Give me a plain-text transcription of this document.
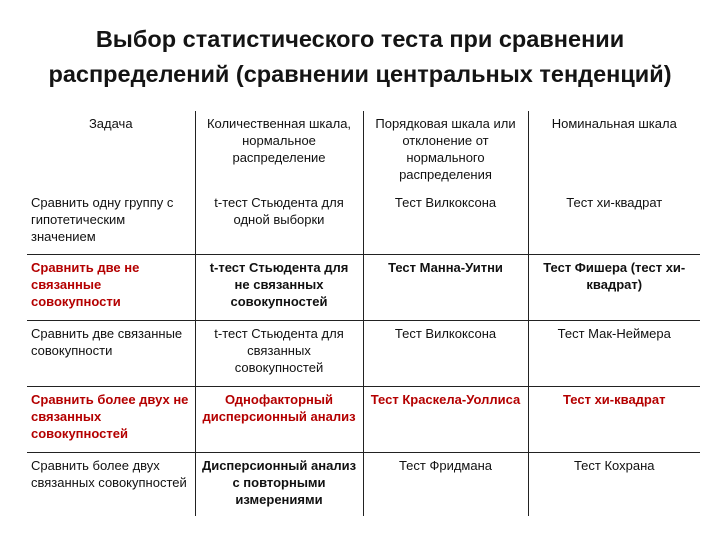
Выбор статистического теста при сравнении распределений (сравнении центральных тенденций)
Задача	Количественная шкала, нормальное распределение	Порядковая шкала или отклонение от нормального распределения	Номинальная шкала
Сравнить одну группу с гипотетическим значением	t-тест Стьюдента для одной выборки	Тест Вилкоксона	Тест хи-квадрат
Сравнить две не связанные совокупности	t-тест Стьюдента для не связанных совокупностей	Тест Манна-Уитни	Тест Фишера (тест хи-квадрат)
Сравнить две связанные совокупности	t-тест Стьюдента для связанных совокупностей	Тест Вилкоксона	Тест Мак-Неймера
Сравнить более двух не связанных совокупностей	Однофакторный дисперсионный анализ	Тест Краскела-Уоллиса	Тест хи-квадрат
Сравнить более двух связанных совокупностей	Дисперсионный анализ с повторными измерениями	Тест Фридмана	Тест Кохрана
